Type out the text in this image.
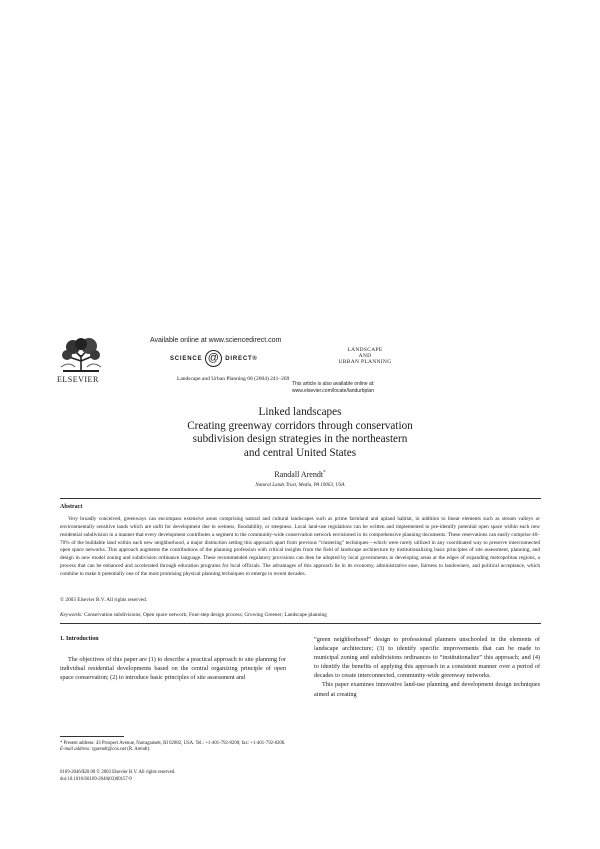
ELSEVIER
Available online at www.sciencedirect.com
SCIENCE @ DIRECT®
Landscape and Urban Planning 68 (2004) 241–269
LANDSCAPE
AND
URBAN PLANNING
This article is also available online at:
www.elsevier.com/locate/landurbplan
Linked landscapes
Creating greenway corridors through conservation
subdivision design strategies in the northeastern
and central United States
Randall Arendt*
Natural Lands Trust, Media, PA 19063, USA
Abstract
Very broadly conceived, greenways can encompass extensive areas comprising natural and cultural landscapes such as prime farmland and upland habitat, in addition to linear elements such as stream valleys or environmentally sensitive lands which are unfit for development due to wetness, floodability, or steepness. Local land-use regulations can be written and implemented to pre-identify potential open space within each new residential subdivision in a manner that every development contributes a segment to the community-wide conservation network envisioned in its comprehensive planning documents. These reservations can easily comprise 40–70% of the buildable land within each new neighborhood, a major distinction setting this approach apart from previous “clustering” techniques—which were rarely utilized in any coordinated way to preserve interconnected open space networks. This approach augments the contributions of the planning profession with critical insights from the field of landscape architecture by institutionalizing basic principles of site assessment, planning, and design in new model zoning and subdivision ordinance language. These recommended regulatory provisions can then be adopted by local governments in developing areas at the edges of expanding metropolitan regions, a process that can be enhanced and accelerated through education programs for local officials. The advantages of this approach lie in its economy, administrative ease, fairness to landowners, and political acceptance, which combine to make it potentially one of the most promising physical planning techniques to emerge in recent decades.
© 2003 Elsevier B.V. All rights reserved.
Keywords: Conservation subdivisions; Open space network; Four-step design process; Growing Greener; Landscape planning
1. Introduction
The objectives of this paper are (1) to describe a practical approach to site planning for individual residential developments based on the central organizing principle of open space conservation; (2) to introduce basic principles of site assessment and

“green neighborhood” design to professional planners unschooled in the elements of landscape architecture; (3) to identify specific improvements that can be made to municipal zoning and subdivisions ordinances to “institutionalize” this approach; and (4) to identify the benefits of applying this approach in a consistent manner over a period of decades to create interconnected, community-wide greenway networks.

This paper examines innovative land-use planning and development design techniques aimed at creating

* Present address: 43 Prospect Avenue, Narragansett, RI 02882, USA. Tel.: +1-401-792-8200; fax: +1-401-792-8200.
E-mail address: rgarendt@cox.net (R. Arendt).
0169-2046/$20.00 © 2003 Elsevier B.V. All rights reserved.
doi:10.1016/S0169-2046(03)00157-9
